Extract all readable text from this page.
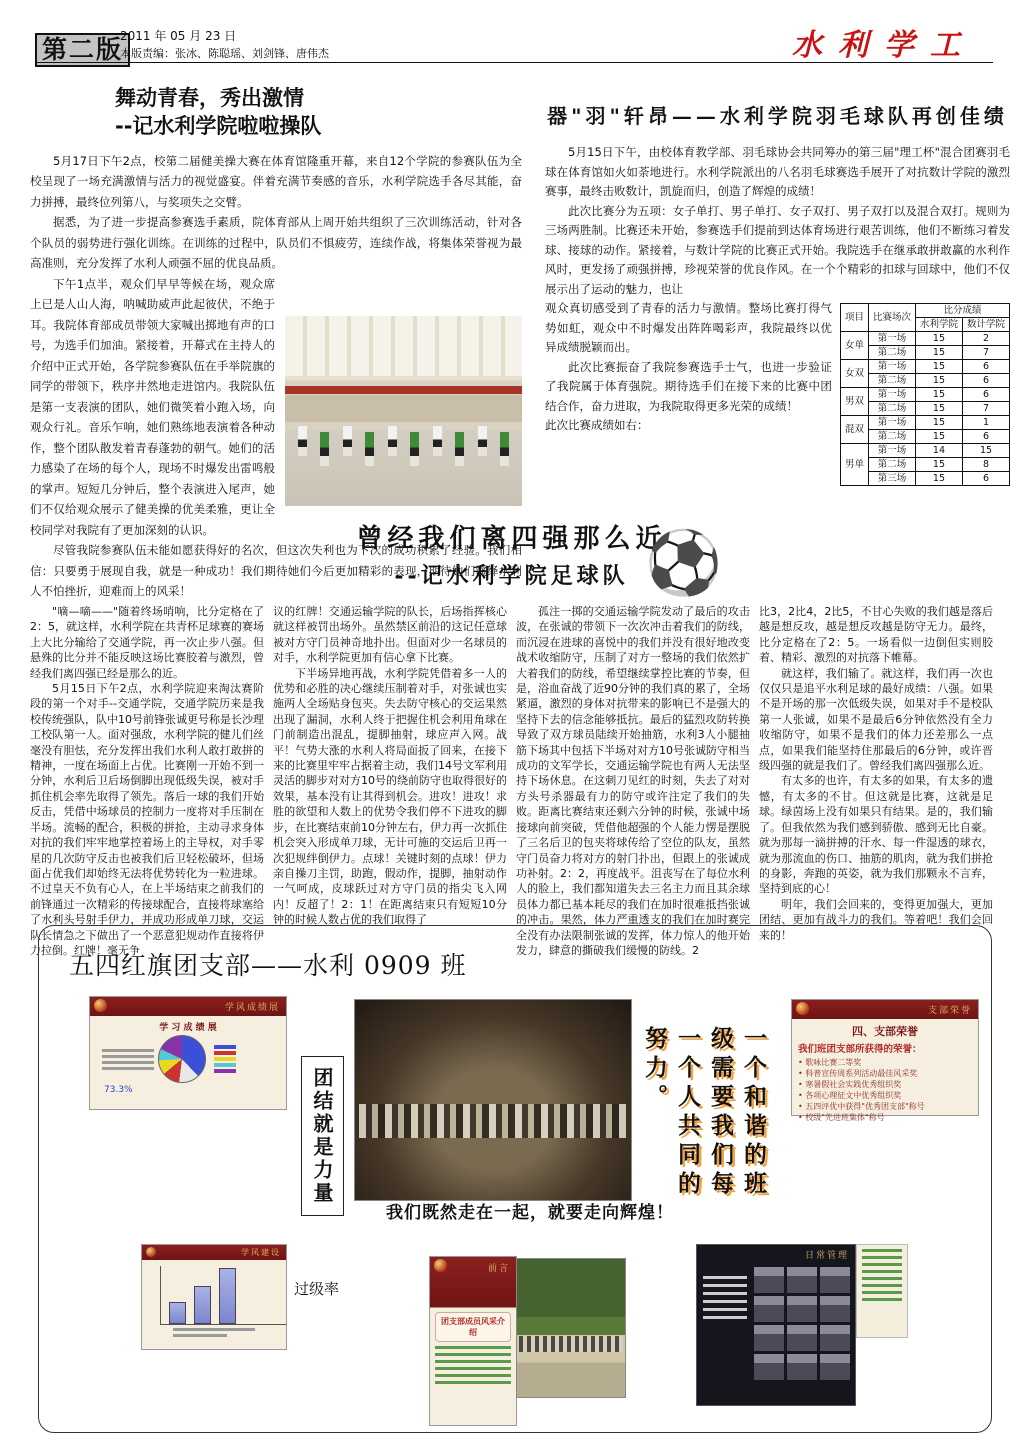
第二版
2011 年 05 月 23 日
本版责编：张冰、陈聪瑶、刘剑锋、唐伟杰	水利学工
舞动青春，秀出激情
--记水利学院啦啦操队

5月17日下午2点，校第二届健美操大赛在体育馆隆重开幕，来自12个学院的参赛队伍为全校呈现了一场充满激情与活力的视觉盛宴。伴着充满节奏感的音乐，水利学院选手各尽其能，奋力拼搏，最终位列第八，与奖项失之交臂。

据悉，为了进一步提高参赛选手素质，院体育部从上周开始共组织了三次训练活动，针对各个队员的弱势进行强化训练。在训练的过程中，队员们不惧疲劳，连续作战，将集体荣誉视为最高准则，充分发挥了水利人顽强不屈的优良品质。

下午1点半，观众们早早等候在场，观众席上已是人山人海，呐喊助威声此起彼伏，不绝于耳。我院体育部成员带领大家喊出掷地有声的口号，为选手们加油。紧接着，开幕式在主持人的介绍中正式开始，各学院参赛队伍在手举院旗的同学的带领下，秩序井然地走进馆内。我院队伍是第一支表演的团队，她们微笑着小跑入场，向观众行礼。音乐乍响，她们熟练地表演着各种动作，整个团队散发着青春蓬勃的朝气。她们的活力感染了在场的每个人，现场不时爆发出雷鸣般的掌声。短短几分钟后，整个表演进入尾声，她们不仅给观众展示了健美操的优美柔雅，更让全校同学对我院有了更加深刻的认识。

尽管我院参赛队伍未能如愿获得好的名次，但这次失利也为下次的成功积累了经验。我们相信：只要勇于展现自我，就是一种成功！我们期待她们今后更加精彩的表现，期待她们演绎水利人不怕挫折，迎难而上的风采！

器"羽"轩昂——水利学院羽毛球队再创佳绩

5月15日下午，由校体育教学部、羽毛球协会共同筹办的第三届"理工杯"混合团赛羽毛球在体育馆如火如荼地进行。水利学院派出的八名羽毛球赛选手展开了对抗数计学院的激烈赛事，最终击败数计，凯旋而归，创造了辉煌的成绩！

此次比赛分为五项：女子单打、男子单打、女子双打、男子双打以及混合双打。规则为三场两胜制。比赛还未开始，参赛选手们提前到达体育场进行艰苦训练，他们不断练习着发球、接球的动作。紧接着，与数计学院的比赛正式开始。我院选手在继承敢拼敢赢的水利作风时，更发扬了顽强拼搏，珍视荣誉的优良作风。在一个个精彩的扣球与回球中，他们不仅展示出了运动的魅力，也让

项目	比赛场次	比分成绩	
		水利学院	数计学院
女单	第一场	15	2
	第二场	15	7
女双	第一场	15	6
	第二场	15	6
男双	第一场	15	6
	第二场	15	7
混双	第一场	15	1
	第二场	15	6
男单	第一场	14	15
	第二场	15	8
	第三场	15	6

观众真切感受到了青春的活力与激情。整场比赛打得气势如虹，观众中不时爆发出阵阵喝彩声，我院最终以优异成绩脱颖而出。

此次比赛振奋了我院参赛选手士气，也进一步验证了我院属于体育强院。期待选手们在接下来的比赛中团结合作，奋力进取，为我院取得更多光荣的成绩！

此次比赛成绩如右：

曾经我们离四强那么近
--记水利学院足球队 ⚽

"嘀—嘀——"随着终场哨响，比分定格在了2：5，就这样，水利学院在共青杯足球赛的赛场上大比分输给了交通学院，再一次止步八强。但悬殊的比分并不能反映这场比赛胶着与激烈，曾经我们离四强已经是那么的近。

5月15日下午2点，水利学院迎来淘汰赛阶段的第一个对手--交通学院，交通学院历来是我校传统强队，队中10号前锋张诚更号称是长沙理工校队第一人。面对强敌，水利学院的健儿们丝毫没有胆怯，充分发挥出我们水利人敢打敢拼的精神，一度在场面上占优。比赛刚一开始不到一分钟，水利后卫后场倒脚出现低级失误，被对手抓住机会率先取得了领先。落后一球的我们开始反击，凭借中场球员的控制力一度将对手压制在半场。流畅的配合，积极的拼抢，主动寻求身体对抗的我们牢牢地掌控着场上的主导权，对手零星的几次防守反击也被我们后卫轻松破坏，但场面占优我们却始终无法将优势转化为一粒进球。不过皇天不负有心人，在上半场结束之前我们的前锋通过一次精彩的传接球配合，直接将球塞给了水利头号射手伊力，并成功形成单刀球，交运队长情急之下做出了一个恶意犯规动作直接将伊力拉倒。红牌！毫无争

议的红牌！交通运输学院的队长，后场指挥核心就这样被罚出场外。虽然禁区前沿的这记任意球被对方守门员神奇地扑出。但面对少一名球员的对手，水利学院更加有信心拿下比赛。

下半场异地再战，水利学院凭借着多一人的优势和必胜的决心继续压制着对手，对张诚也实施两人全场贴身包夹。失去防守核心的交运果然出现了漏洞，水利人终于把握住机会利用角球在门前制造出混乱，提脚抽射，球应声入网。战平！气势大涨的水利人将局面扳了回来，在接下来的比赛里牢牢占据着主动，我们14号文军利用灵活的脚步对对方10号的绕前防守也取得很好的效果，基本没有让其得到机会。进攻！进攻！求胜的欲望和人数上的优势令我们停不下进攻的脚步，在比赛结束前10分钟左右，伊力再一次抓住机会突入形成单刀球，无计可施的交运后卫再一次犯规绊倒伊力。点球！关键时刻的点球！伊力亲自操刀主罚，助跑，假动作，提脚，抽射动作一气呵成，皮球跃过对方守门员的指尖飞入网内！反超了！2：1！在距离结束只有短短10分钟的时候人数占优的我们取得了

孤注一掷的交通运输学院发动了最后的攻击波，在张诚的带领下一次次冲击着我们的防线，而沉浸在进球的喜悦中的我们并没有很好地改变战术收缩防守，压制了对方一整场的我们依然扩大着我们的防线，希望继续掌控比赛的节奏，但是，浴血奋战了近90分钟的我们真的累了，全场紧逼，激烈的身体对抗带来的影响已不是强大的坚持下去的信念能够抵抗。最后的猛烈攻防转换导致了双方球员陆续开始抽筋，水利3人小腿抽筋下场其中包括下半场对对方10号张诚防守相当成功的文军学长，交通运输学院也有两人无法坚持下场休息。在这刺刀见红的时刻，失去了对对方头号杀器最有力的防守或许注定了我们的失败。距离比赛结束还剩六分钟的时候，张诚中场接球向前突破，凭借他超强的个人能力愣是摆脱了三名后卫的包夹将球传给了空位的队友，虽然守门员奋力将对方的射门扑出，但跟上的张诚成功补射。2：2，再度战平。沮丧写在了每位水利人的脸上，我们都知道失去三名主力而且其余球员体力都已基本耗尽的我们在加时很难抵挡张诚的冲击。果然，体力严重透支的我们在加时赛完全没有办法限制张诚的发挥，体力惊人的他开始发力，肆意的撕破我们缓慢的防线。2

比3，2比4，2比5，不甘心失败的我们越是落后越是想反攻，越是想反攻越是防守无力。最终，比分定格在了2：5。一场看似一边倒但实则胶着、精彩、激烈的对抗落下帷幕。

就这样，我们输了。就这样，我们再一次也仅仅只是追平水利足球的最好成绩：八强。如果不是开场的那一次低级失误，如果对手不是校队第一人张诚，如果不是最后6分钟依然没有全力收缩防守，如果不是我们的体力还差那么一点点，如果我们能坚持住那最后的6分钟，或许晋级四强的就是我们了。曾经我们离四强那么近。

有太多的也许，有太多的如果，有太多的遗憾，有太多的不甘。但这就是比赛，这就是足球。绿茵场上没有如果只有结果。是的，我们输了。但我依然为我们感到骄傲、感到无比自豪。就为那每一滴拼搏的汗水、每一件湿透的球衣，就为那流血的伤口、抽筋的肌肉，就为我们拼抢的身影，奔跑的英姿，就为我们那颗永不言弃，坚持到底的心！

明年，我们会回来的，变得更加强大，更加团结、更加有战斗力的我们。等着吧！我们会回来的！

五四红旗团支部——水利 0909 班
学风成绩展
学 习 成 绩 展
73.3%	团结就是力量	一个和谐的班级需要我们每一个人共同的努力。
支部荣誉
四、支部荣誉
我们班团支部所获得的荣誉：
• 歌咏比赛二等奖
• 科普宣传周系列活动最佳风采奖
• 寒暑假社会实践优秀组织奖
• 各项心理征文中优秀组织奖
• 五四评优中获得"优秀团支部"称号
• 校级"先进班集体"称号
我们既然走在一起，就要走向辉煌！
学风建设
过级率
前言
团支部成员风采介绍
日常管理
